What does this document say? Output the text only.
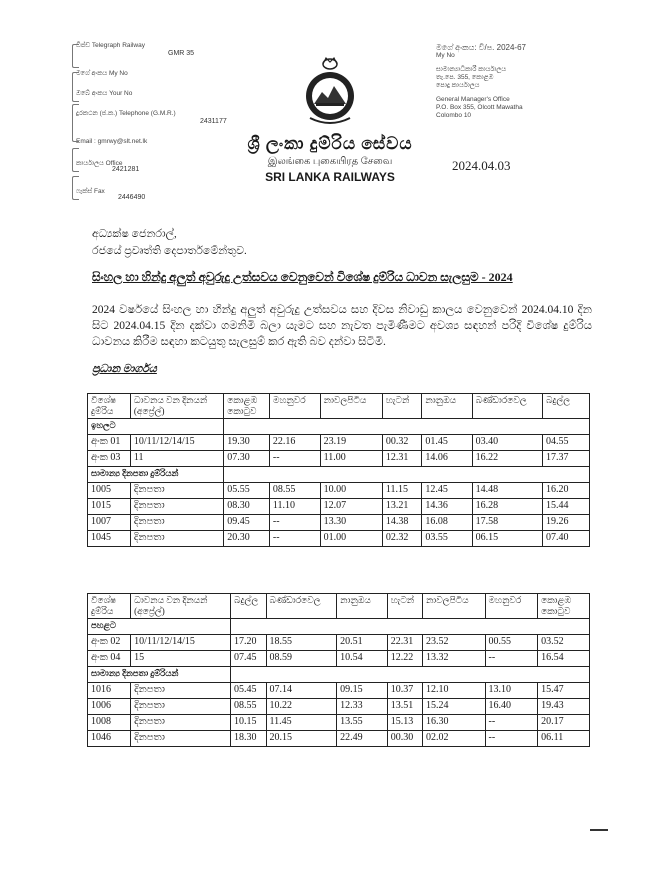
ඩිප්ඩ Telegraph Railway
GMR 35
මගේ අංකය My No
ඔබේ අංකය Your No
දුරකථන (ජ.ක.) Telephone (G.M.R.)
2431177
Email : gmrwy@slt.net.lk
කාර්යාලය Office
2421281
ෆැක්ස් Fax
2446490
ශ්‍රී ලංකා දුම්රිය සේවය
இலங்கை புகையிரத சேவை
SRI LANKA RAILWAYS
මගේ අංකය: වී/ප. 2024-67
My No
සාමාන්‍යාධිකාරී කාර්යාලය
තැ.පෙ. 355, කොළඹ
පොදු කාර්යාලය
General Manager's Office
P.O. Box 355, Olcott Mawatha
Colombo 10
2024.04.03
අධ්‍යක්ෂ ජෙනරාල්,
රජයේ ප්‍රවෘත්ති දෙපාර්තමේන්තුව.
සිංහල හා හින්දු අලුත් අවුරුදු උත්සවය වෙනුවෙන් විශේෂ දුම්රිය ධාවන සැලසුම - 2024
2024 වර්ෂයේ සිංහල හා හින්දු අලුත් අවුරුදු උත්සවය සහ දිවස නිවාඩු කාලය වෙනුවෙන් 2024.04.10 දින සිට 2024.04.15 දින දක්වා ගමනිමි බලා යැමට සහ නැවත පැමිණීමට අවශ්‍ය සඳහන් පරිදි විශේෂ දුම්රිය ධාවනය කිරීම සඳහා කටයුතු සැලසුම් කර ඇති බව දන්වා සිටිමි.
ප්‍රධාන මාර්ගය
විශේෂ දුම්රිය	ධාවනය වන දිනයන් (අප්‍රේල්)	කොළඹ කොටුව	මහනුවර	නාවලපිටිය	හැටන්	නානුඔය	බණ්ඩාරවෙල	බදුල්ල
ඉහලට								
අංක 01	10/11/12/14/15	19.30	22.16	23.19	00.32	01.45	03.40	04.55
අංක 03	11	07.30	--	11.00	12.31	14.06	16.22	17.37
සාමාන්‍ය දිනපතා දුම්රියන්								
1005	දිනපතා	05.55	08.55	10.00	11.15	12.45	14.48	16.20
1015	දිනපතා	08.30	11.10	12.07	13.21	14.36	16.28	15.44
1007	දිනපතා	09.45	--	13.30	14.38	16.08	17.58	19.26
1045	දිනපතා	20.30	--	01.00	02.32	03.55	06.15	07.40
විශේෂ දුම්රිය	ධාවනය වන දිනයන් (අප්‍රේල්)	බදුල්ල	බණ්ඩාරවෙල	නානුඔය	හැටන්	නාවලපිටිය	මහනුවර	කොළඹ කොටුව
පහළට								
අංක 02	10/11/12/14/15	17.20	18.55	20.51	22.31	23.52	00.55	03.52
අංක 04	15	07.45	08.59	10.54	12.22	13.32	--	16.54
සාමාන්‍ය දිනපතා දුම්රියන්								
1016	දිනපතා	05.45	07.14	09.15	10.37	12.10	13.10	15.47
1006	දිනපතා	08.55	10.22	12.33	13.51	15.24	16.40	19.43
1008	දිනපතා	10.15	11.45	13.55	15.13	16.30	--	20.17
1046	දිනපතා	18.30	20.15	22.49	00.30	02.02	--	06.11
